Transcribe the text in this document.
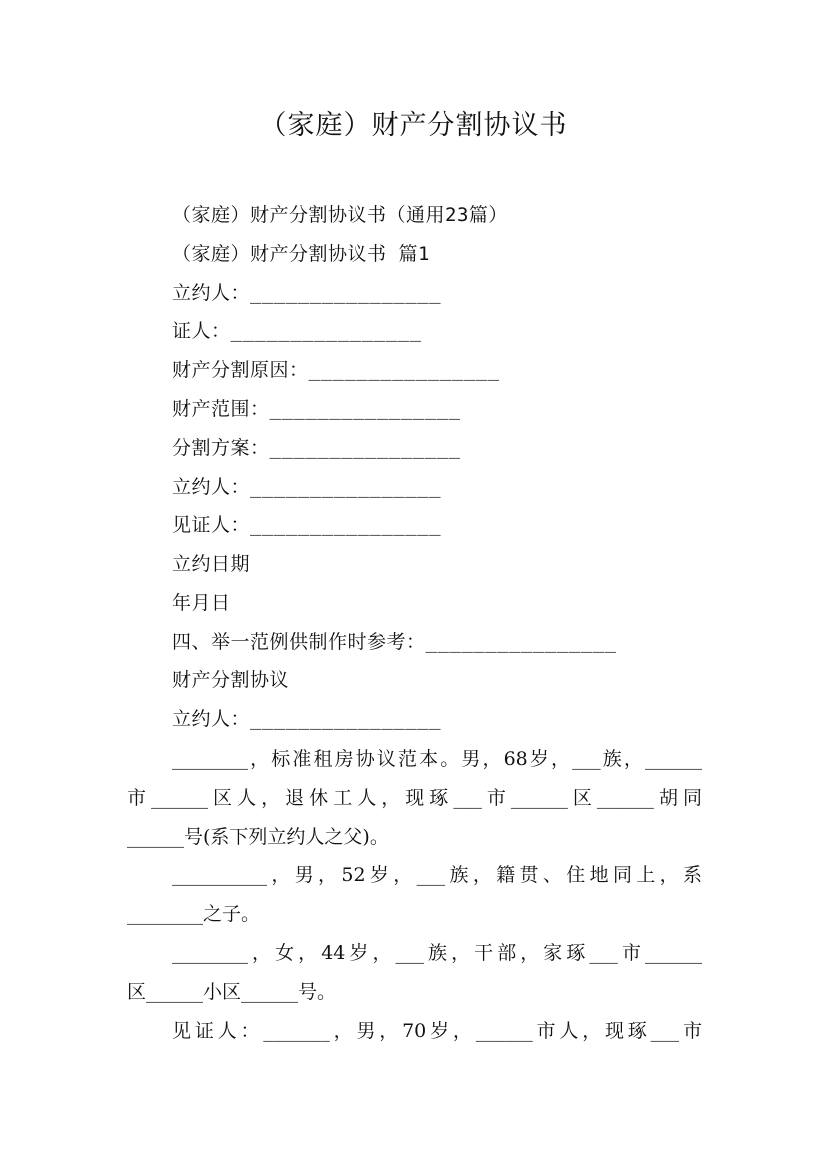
（家庭）财产分割协议书
（家庭）财产分割协议书（通用23篇）
（家庭）财产分割协议书 篇1
立约人：________________
证人：________________
财产分割原因：________________
财产范围：________________
分割方案：________________
立约人：________________
见证人：________________
立约日期
年月日
四、举一范例供制作时参考：________________
财产分割协议
立约人：________________
________，标准租房协议范本。男，68岁，___族，______
市______区人，退休工人，现琢___市______区______胡同
______号(系下列立约人之父)。
__________，男，52岁，___族，籍贯、住地同上，系
________之子。
________，女，44岁，___族，干部，家琢___市______
区______小区______号。
见证人：_______，男，70岁，______市人，现琢___市
